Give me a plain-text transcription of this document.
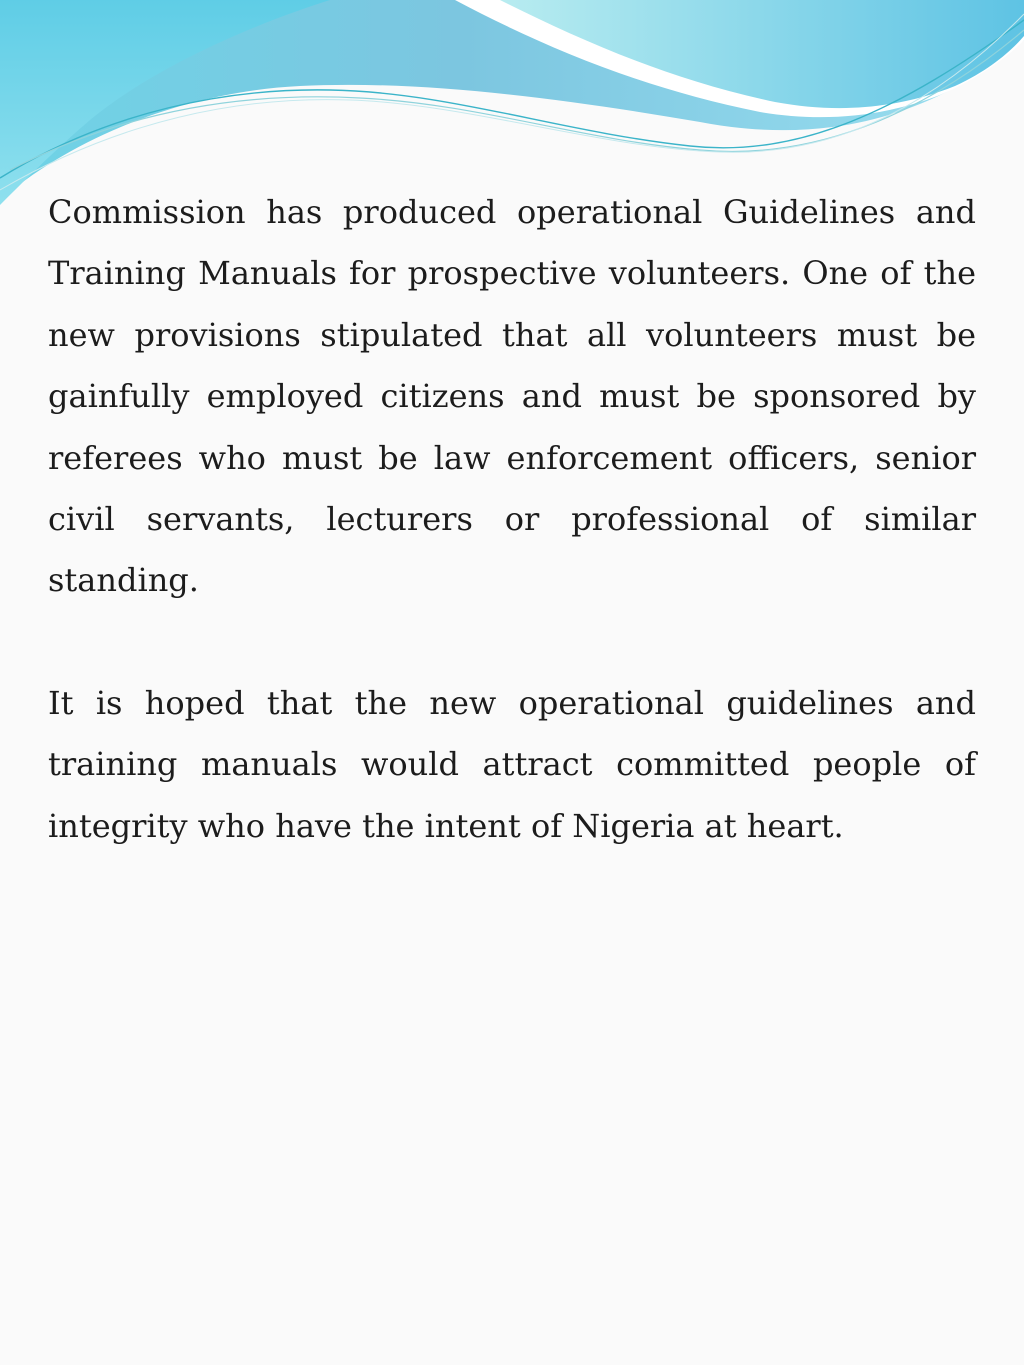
Commission has produced operational Guidelines and Training Manuals for prospective volunteers. One of the new provisions stipulated that all volunteers must be gainfully employed citizens and must be sponsored by referees who must be law enforcement officers, senior civil servants, lecturers or professional of similar standing.

It is hoped that the new operational guidelines and training manuals would attract committed people of integrity who have the intent of Nigeria at heart.
